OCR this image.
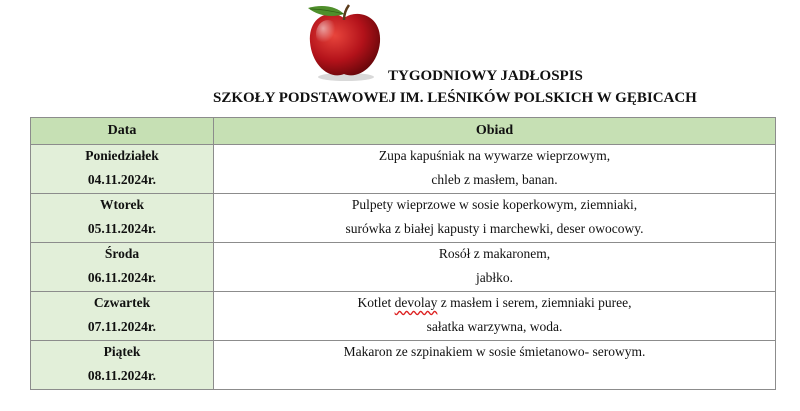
TYGODNIOWY JADŁOSPIS
SZKOŁY PODSTAWOWEJ IM. LEŚNIKÓW POLSKICH W GĘBICACH
Data	Obiad

Poniedziałek
04.11.2024r.	Zupa kapuśniak na wywarze wieprzowym,
chleb z masłem, banan.

Wtorek
05.11.2024r.	Pulpety wieprzowe w sosie koperkowym, ziemniaki,
surówka z białej kapusty i marchewki, deser owocowy.

Środa
06.11.2024r.	Rosół z makaronem,
jabłko.

Czwartek
07.11.2024r.	Kotlet devolay z masłem i serem, ziemniaki puree,
sałatka warzywna, woda.

Piątek
08.11.2024r.	Makaron ze szpinakiem w sosie śmietanowo- serowym.
